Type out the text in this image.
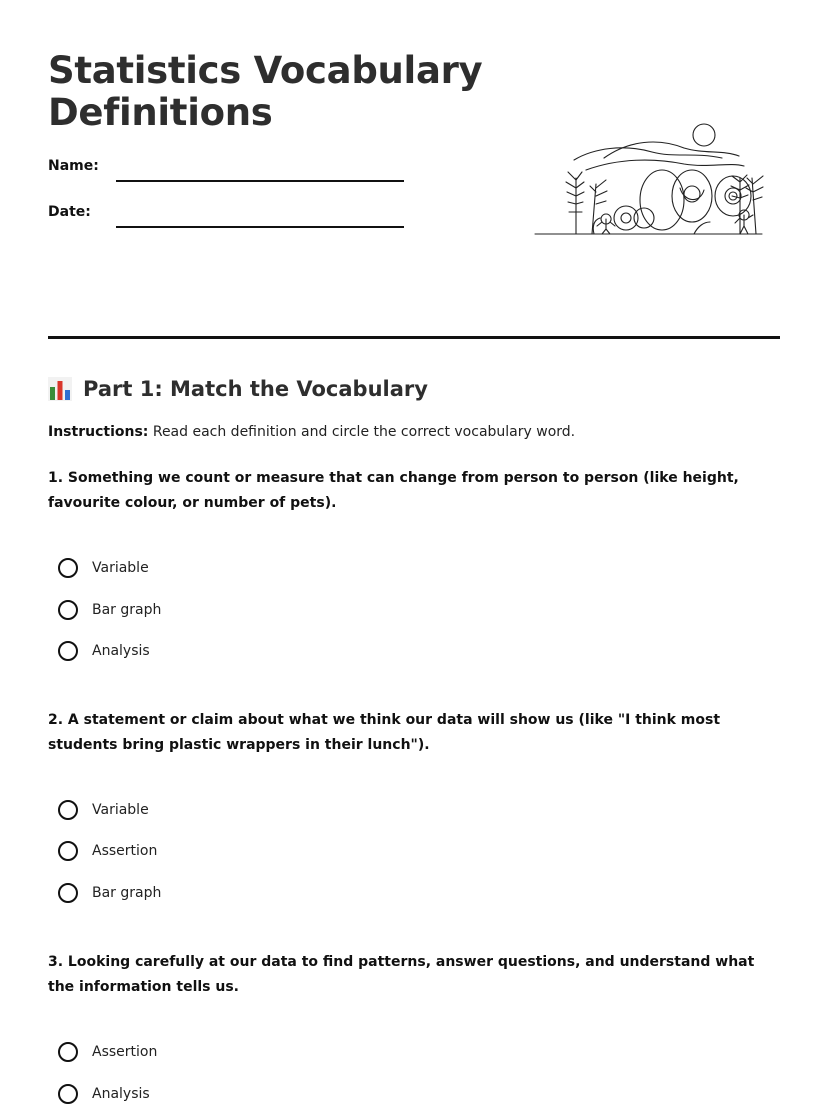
Statistics Vocabulary Definitions
Name:
Date:
Part 1: Match the Vocabulary
Instructions: Read each definition and circle the correct vocabulary word.

1. Something we count or measure that can change from person to person (like height, favourite colour, or number of pets).

Variable
Bar graph
Analysis

2. A statement or claim about what we think our data will show us (like "I think most students bring plastic wrappers in their lunch").

Variable
Assertion
Bar graph

3. Looking carefully at our data to find patterns, answer questions, and understand what the information tells us.

Assertion
Analysis
